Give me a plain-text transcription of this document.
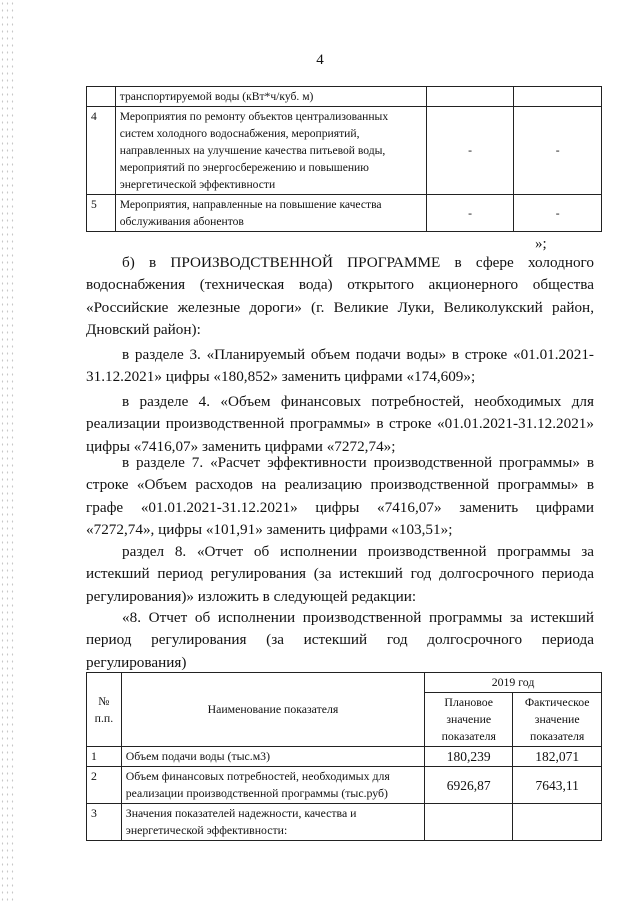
4
	транспортируемой воды (кВт*ч/куб. м)		
4	Мероприятия по ремонту объектов централизованных систем холодного водоснабжения, мероприятий, направленных на улучшение качества питьевой воды, мероприятий по энергосбережению и повышению энергетической эффективности	-	-
5	Мероприятия, направленные на повышение качества обслуживания абонентов	-	-
»;

б) в ПРОИЗВОДСТВЕННОЙ ПРОГРАММЕ в сфере холодного водоснабжения (техническая вода) открытого акционерного общества «Российские железные дороги» (г. Великие Луки, Великолукский район, Дновский район):

в разделе 3. «Планируемый объем подачи воды» в строке «01.01.2021-31.12.2021» цифры «180,852» заменить цифрами «174,609»;

в разделе 4. «Объем финансовых потребностей, необходимых для реализации производственной программы» в строке «01.01.2021-31.12.2021» цифры «7416,07» заменить цифрами «7272,74»;

в разделе 7. «Расчет эффективности производственной программы» в строке «Объем расходов на реализацию производственной программы» в графе «01.01.2021-31.12.2021» цифры «7416,07» заменить цифрами «7272,74», цифры «101,91» заменить цифрами «103,51»;

раздел 8. «Отчет об исполнении производственной программы за истекший период регулирования (за истекший год долгосрочного периода регулирования)» изложить в следующей редакции:

«8. Отчет об исполнении производственной программы за истекший период регулирования (за истекший год долгосрочного периода регулирования)

№ п.п.	Наименование показателя	2019 год	
		Плановое значение показателя	Фактическое значение показателя
1	Объем подачи воды (тыс.м3)	180,239	182,071
2	Объем финансовых потребностей, необходимых для реализации производственной программы (тыс.руб)	6926,87	7643,11
3	Значения показателей надежности, качества и энергетической эффективности:		
